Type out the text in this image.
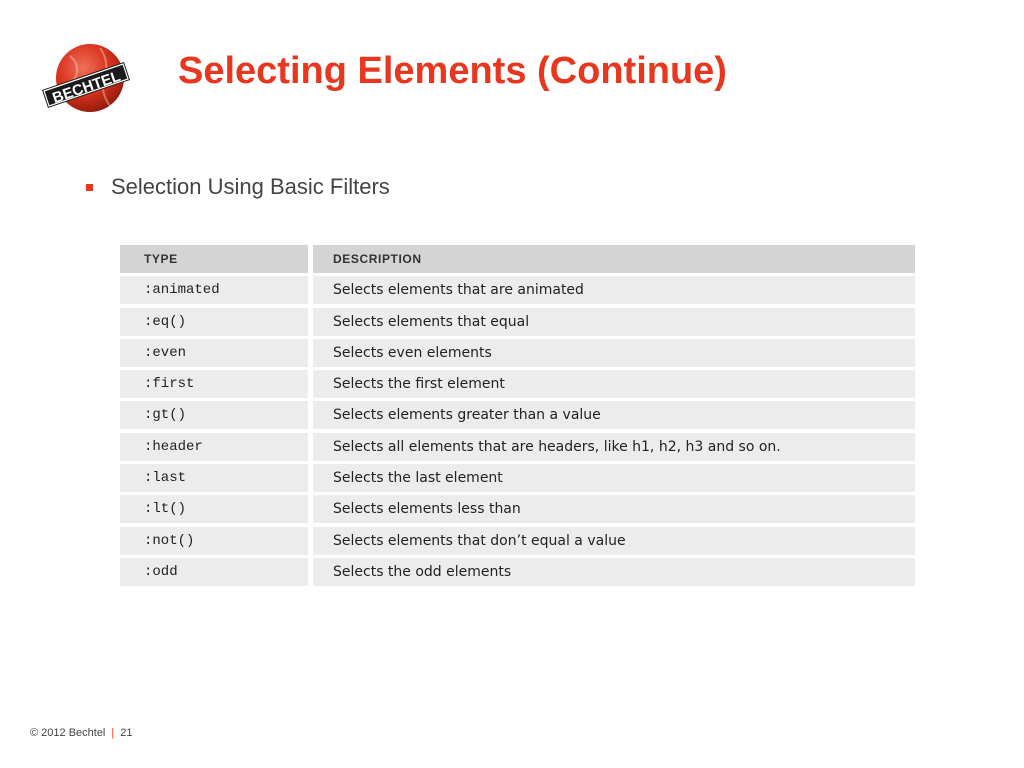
BECHTEL Selecting Elements (Continue)
Selection Using Basic Filters
TYPE	DESCRIPTION
:animated	Selects elements that are animated
:eq()	Selects elements that equal
:even	Selects even elements
:first	Selects the first element
:gt()	Selects elements greater than a value
:header	Selects all elements that are headers, like h1, h2, h3 and so on.
:last	Selects the last element
:lt()	Selects elements less than
:not()	Selects elements that don’t equal a value
:odd	Selects the odd elements
© 2012 Bechtel | 21
